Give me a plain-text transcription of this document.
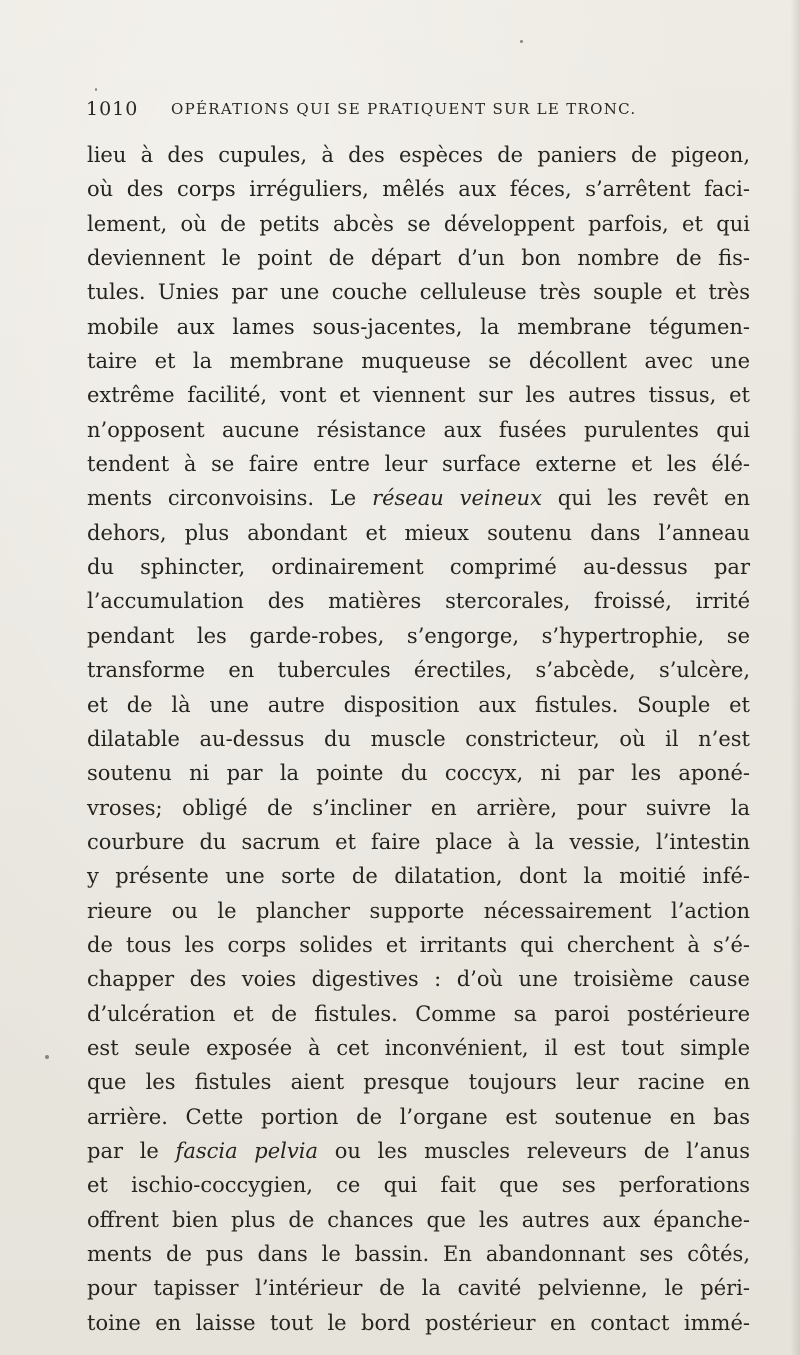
1010 OPÉRATIONS QUI SE PRATIQUENT SUR LE TRONC.
lieu à des cupules, à des espèces de paniers de pigeon,
où des corps irréguliers, mêlés aux féces, s’arrêtent faci-
lement, où de petits abcès se développent parfois, et qui
deviennent le point de départ d’un bon nombre de fis-
tules. Unies par une couche celluleuse très souple et très
mobile aux lames sous-jacentes, la membrane tégumen-
taire et la membrane muqueuse se décollent avec une
extrême facilité, vont et viennent sur les autres tissus, et
n’opposent aucune résistance aux fusées purulentes qui
tendent à se faire entre leur surface externe et les élé-
ments circonvoisins. Le réseau veineux qui les revêt en
dehors, plus abondant et mieux soutenu dans l’anneau
du sphincter, ordinairement comprimé au-dessus par
l’accumulation des matières stercorales, froissé, irrité
pendant les garde-robes, s’engorge, s’hypertrophie, se
transforme en tubercules érectiles, s’abcède, s’ulcère,
et de là une autre disposition aux fistules. Souple et
dilatable au-dessus du muscle constricteur, où il n’est
soutenu ni par la pointe du coccyx, ni par les aponé-
vroses; obligé de s’incliner en arrière, pour suivre la
courbure du sacrum et faire place à la vessie, l’intestin
y présente une sorte de dilatation, dont la moitié infé-
rieure ou le plancher supporte nécessairement l’action
de tous les corps solides et irritants qui cherchent à s’é-
chapper des voies digestives : d’où une troisième cause
d’ulcération et de fistules. Comme sa paroi postérieure
est seule exposée à cet inconvénient, il est tout simple
que les fistules aient presque toujours leur racine en
arrière. Cette portion de l’organe est soutenue en bas
par le fascia pelvia ou les muscles releveurs de l’anus
et ischio-coccygien, ce qui fait que ses perforations
offrent bien plus de chances que les autres aux épanche-
ments de pus dans le bassin. En abandonnant ses côtés,
pour tapisser l’intérieur de la cavité pelvienne, le péri-
toine en laisse tout le bord postérieur en contact immé-
